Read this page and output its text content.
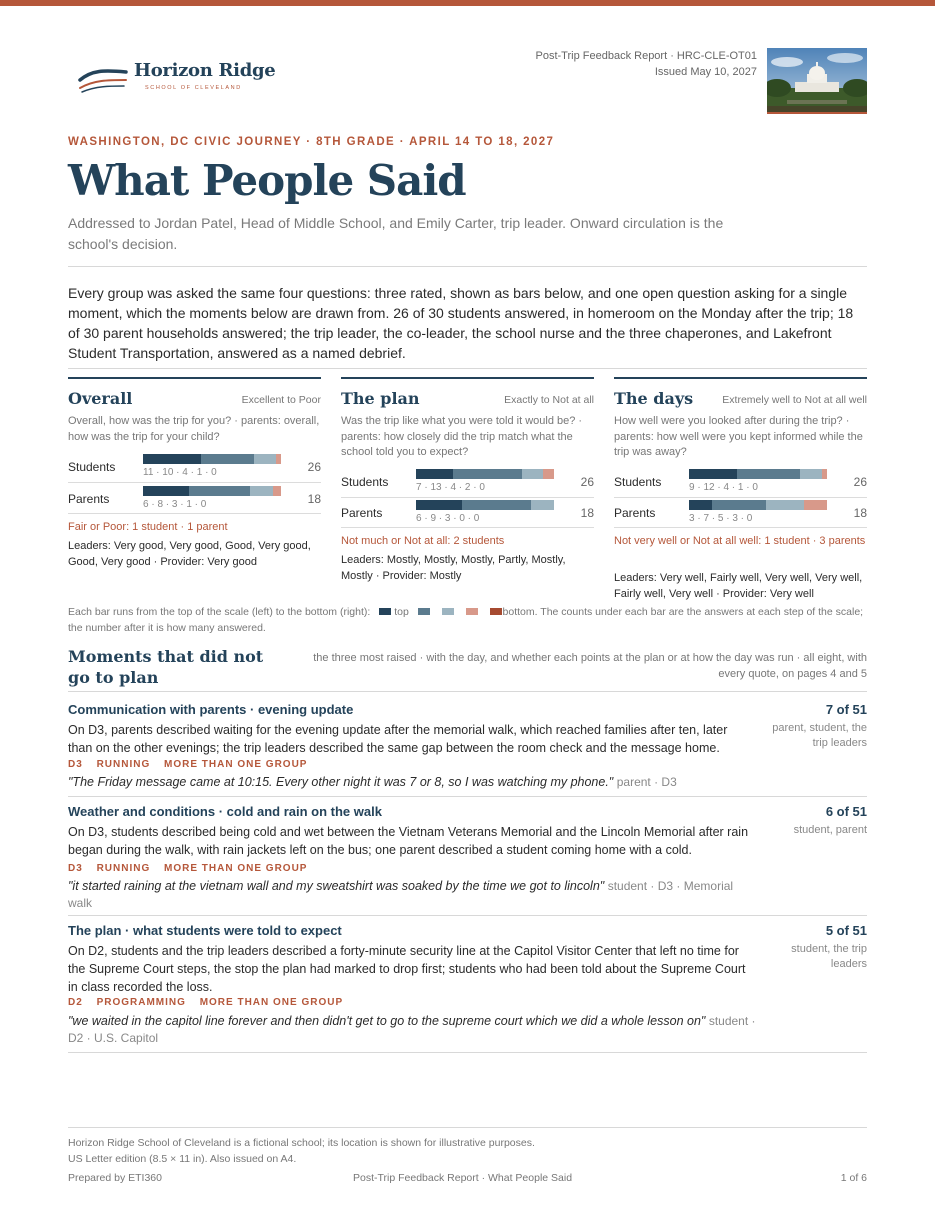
Horizon Ridge
SCHOOL OF CLEVELAND
Post-Trip Feedback Report · HRC-CLE-OT01
Issued May 10, 2027
WASHINGTON, DC CIVIC JOURNEY · 8TH GRADE · APRIL 14 TO 18, 2027
What People Said
Addressed to Jordan Patel, Head of Middle School, and Emily Carter, trip leader. Onward circulation is the school's decision.
Every group was asked the same four questions: three rated, shown as bars below, and one open question asking for a single moment, which the moments below are drawn from. 26 of 30 students answered, in homeroom on the Monday after the trip; 18 of 30 parent households answered; the trip leader, the co-leader, the school nurse and the three chaperones, and Lakefront Student Transportation, answered as a named debrief.
Overall	Excellent to Poor
Overall, how was the trip for you? · parents: overall, how was the trip for your child?
Students	11 · 10 · 4 · 1 · 0	26
Parents	6 · 8 · 3 · 1 · 0	18
Fair or Poor: 1 student · 1 parent
Leaders: Very good, Very good, Good, Very good, Good, Very good · Provider: Very good
The plan	Exactly to Not at all
Was the trip like what you were told it would be? · parents: how closely did the trip match what the school told you to expect?
Students	7 · 13 · 4 · 2 · 0	26
Parents	6 · 9 · 3 · 0 · 0	18
Not much or Not at all: 2 students
Leaders: Mostly, Mostly, Mostly, Partly, Mostly, Mostly · Provider: Mostly
The days	Extremely well to Not at all well
How well were you looked after during the trip? · parents: how well were you kept informed while the trip was away?
Students	9 · 12 · 4 · 1 · 0	26
Parents	3 · 7 · 5 · 3 · 0	18
Not very well or Not at all well: 1 student · 3 parents
Leaders: Very well, Fairly well, Very well, Very well, Fairly well, Very well · Provider: Very well
Each bar runs from the top of the scale (left) to the bottom (right): top	bottom. The counts under each bar are the answers at each step of the scale; the number after it is how many answered.
Moments that did not go to plan
the three most raised · with the day, and whether each points at the plan or at how the day was run · all eight, with every quote, on pages 4 and 5
Communication with parents · evening update	7 of 51
parent, student, the trip leaders
On D3, parents described waiting for the evening update after the memorial walk, which reached families after ten, later than on the other evenings; the trip leaders described the same gap between the room check and the message home.
D3 RUNNING MORE THAN ONE GROUP
"The Friday message came at 10:15. Every other night it was 7 or 8, so I was watching my phone." parent · D3
Weather and conditions · cold and rain on the walk	6 of 51
student, parent
On D3, students described being cold and wet between the Vietnam Veterans Memorial and the Lincoln Memorial after rain began during the walk, with rain jackets left on the bus; one parent described a student coming home with a cold.
D3 RUNNING MORE THAN ONE GROUP
"it started raining at the vietnam wall and my sweatshirt was soaked by the time we got to lincoln" student · D3 · Memorial walk
The plan · what students were told to expect	5 of 51
student, the trip leaders
On D2, students and the trip leaders described a forty-minute security line at the Capitol Visitor Center that left no time for the Supreme Court steps, the stop the plan had marked to drop first; students who had been told about the Supreme Court in class recorded the loss.
D2 PROGRAMMING MORE THAN ONE GROUP
"we waited in the capitol line forever and then didn't get to go to the supreme court which we did a whole lesson on" student · D2 · U.S. Capitol
Horizon Ridge School of Cleveland is a fictional school; its location is shown for illustrative purposes.
US Letter edition (8.5 × 11 in). Also issued on A4.
Prepared by ETI360	Post-Trip Feedback Report · What People Said	1 of 6
